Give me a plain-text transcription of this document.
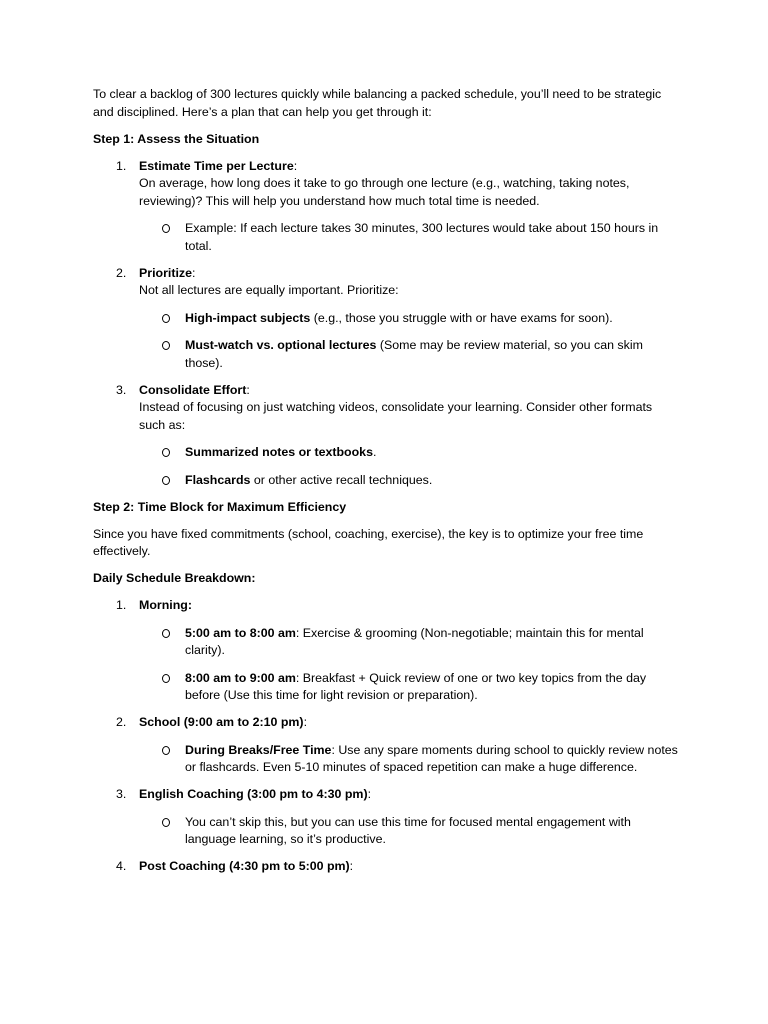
To clear a backlog of 300 lectures quickly while balancing a packed schedule, you’ll need to be strategic and disciplined. Here’s a plan that can help you get through it:

Step 1: Assess the Situation

1. Estimate Time per Lecture:
On average, how long does it take to go through one lecture (e.g., watching, taking notes, reviewing)? This will help you understand how much total time is needed.
Example: If each lecture takes 30 minutes, 300 lectures would take about 150 hours in total.
2. Prioritize:
Not all lectures are equally important. Prioritize:
High-impact subjects (e.g., those you struggle with or have exams for soon).
Must-watch vs. optional lectures (Some may be review material, so you can skim those).
3. Consolidate Effort:
Instead of focusing on just watching videos, consolidate your learning. Consider other formats such as:
Summarized notes or textbooks.
Flashcards or other active recall techniques.

Step 2: Time Block for Maximum Efficiency

Since you have fixed commitments (school, coaching, exercise), the key is to optimize your free time effectively.

Daily Schedule Breakdown:

1. Morning:
5:00 am to 8:00 am: Exercise & grooming (Non-negotiable; maintain this for mental clarity).
8:00 am to 9:00 am: Breakfast + Quick review of one or two key topics from the day before (Use this time for light revision or preparation).
2. School (9:00 am to 2:10 pm):
During Breaks/Free Time: Use any spare moments during school to quickly review notes or flashcards. Even 5-10 minutes of spaced repetition can make a huge difference.
3. English Coaching (3:00 pm to 4:30 pm):
You can’t skip this, but you can use this time for focused mental engagement with language learning, so it’s productive.
4. Post Coaching (4:30 pm to 5:00 pm):
